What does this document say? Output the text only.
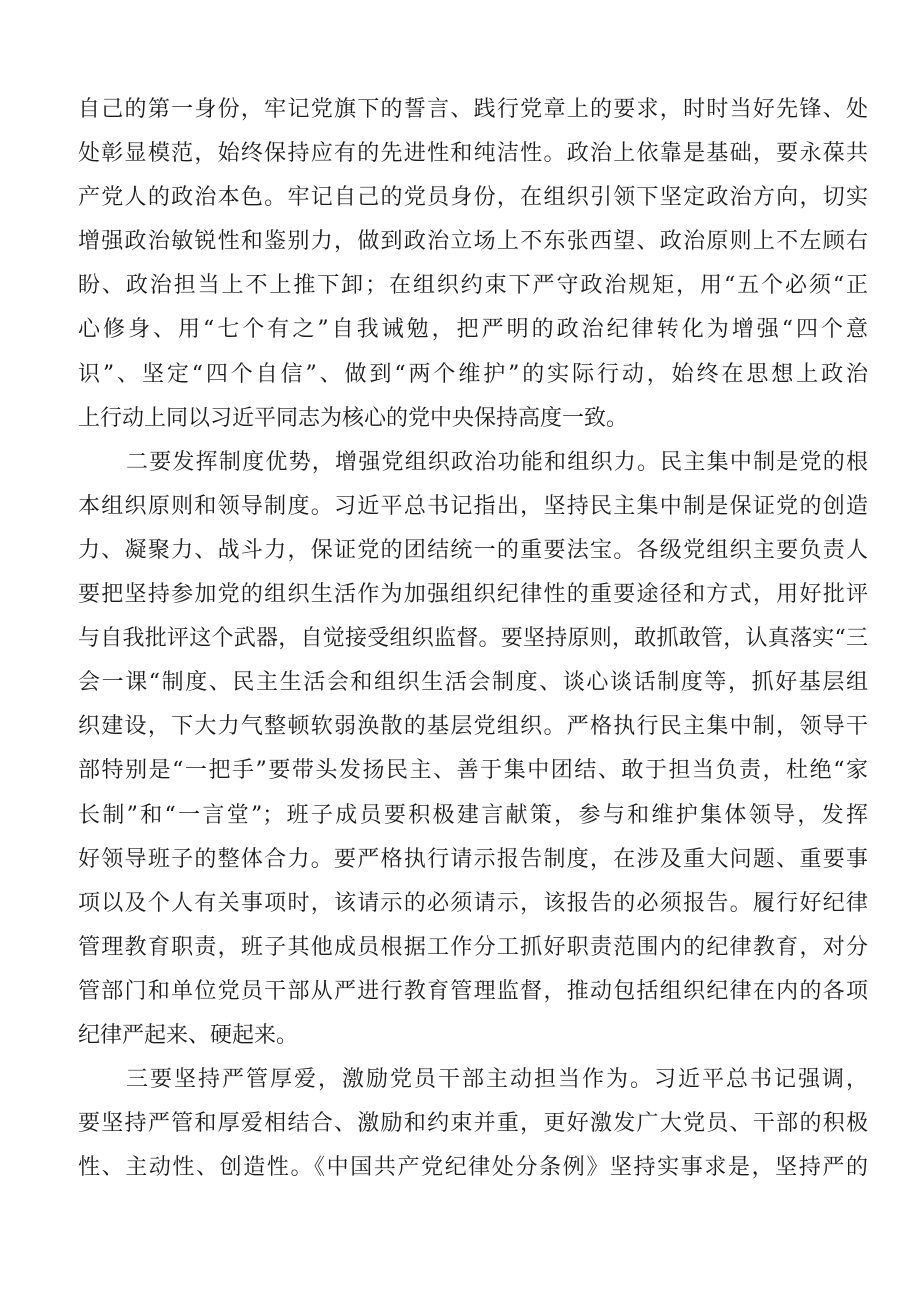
自己的第一身份，牢记党旗下的誓言、践行党章上的要求，时时当好先锋、处
处彰显模范，始终保持应有的先进性和纯洁性。政治上依靠是基础，要永葆共
产党人的政治本色。牢记自己的党员身份，在组织引领下坚定政治方向，切实
增强政治敏锐性和鉴别力，做到政治立场上不东张西望、政治原则上不左顾右
盼、政治担当上不上推下卸；在组织约束下严守政治规矩，用“五个必须“正
心修身、用“七个有之”自我诫勉，把严明的政治纪律转化为增强“四个意
识”、坚定“四个自信”、做到“两个维护”的实际行动，始终在思想上政治
上行动上同以习近平同志为核心的党中央保持高度一致。
二要发挥制度优势，增强党组织政治功能和组织力。民主集中制是党的根
本组织原则和领导制度。习近平总书记指出，坚持民主集中制是保证党的创造
力、凝聚力、战斗力，保证党的团结统一的重要法宝。各级党组织主要负责人
要把坚持参加党的组织生活作为加强组织纪律性的重要途径和方式，用好批评
与自我批评这个武器，自觉接受组织监督。要坚持原则，敢抓敢管，认真落实“三
会一课“制度、民主生活会和组织生活会制度、谈心谈话制度等，抓好基层组
织建设，下大力气整顿软弱涣散的基层党组织。严格执行民主集中制，领导干
部特别是“一把手”要带头发扬民主、善于集中团结、敢于担当负责，杜绝“家
长制”和“一言堂”；班子成员要积极建言献策，参与和维护集体领导，发挥
好领导班子的整体合力。要严格执行请示报告制度，在涉及重大问题、重要事
项以及个人有关事项时，该请示的必须请示，该报告的必须报告。履行好纪律
管理教育职责，班子其他成员根据工作分工抓好职责范围内的纪律教育，对分
管部门和单位党员干部从严进行教育管理监督，推动包括组织纪律在内的各项
纪律严起来、硬起来。
三要坚持严管厚爱，激励党员干部主动担当作为。习近平总书记强调，
要坚持严管和厚爱相结合、激励和约束并重，更好激发广大党员、干部的积极
性、主动性、创造性。《中国共产党纪律处分条例》坚持实事求是，坚持严的
